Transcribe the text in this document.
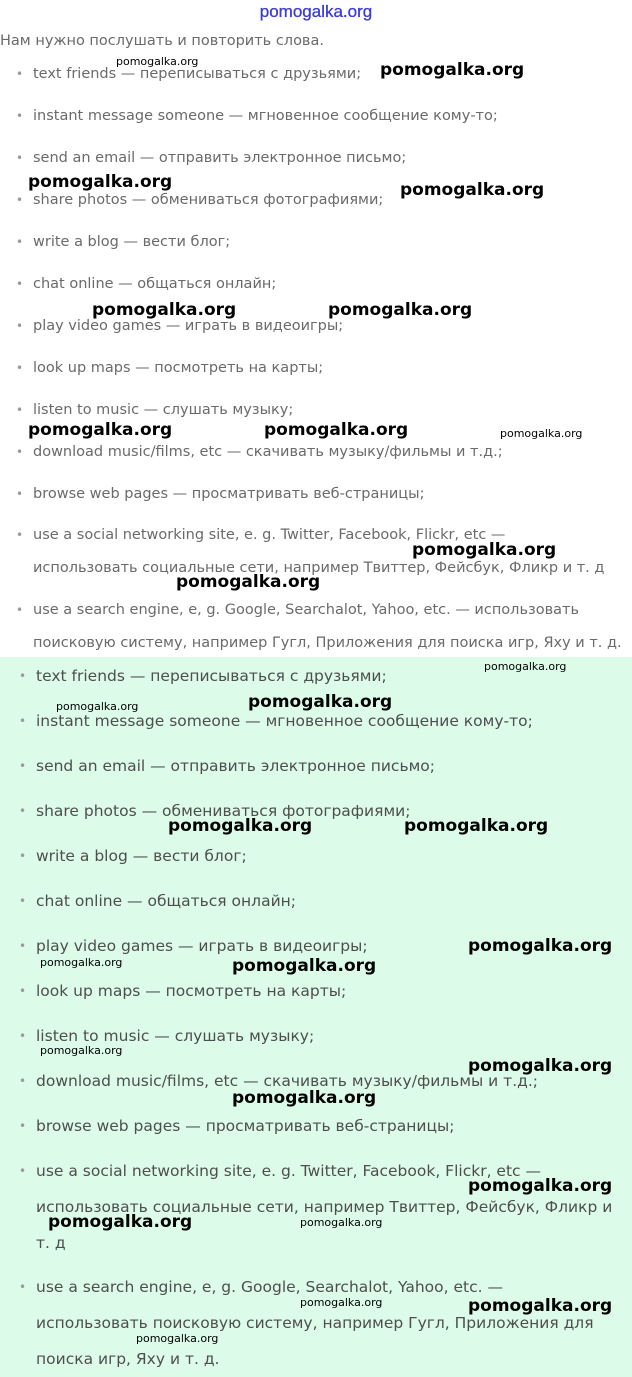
pomogalka.org
Нам нужно послушать и повторить слова.
• text friends — переписываться с друзьями;
• instant message someone — мгновенное сообщение кому-то;
• send an email — отправить электронное письмо;
• share photos — обмениваться фотографиями;
• write a blog — вести блог;
• chat online — общаться онлайн;
• play video games — играть в видеоигры;
• look up maps — посмотреть на карты;
• listen to music — слушать музыку;
• download music/films, etc — скачивать музыку/фильмы и т.д.;
• browse web pages — просматривать веб-страницы;
• use a social networking site, e. g. Twitter, Facebook, Flickr, etc —
использовать социальные сети, например Твиттер, Фейсбук, Фликр и т. д
• use a search engine, e, g. Google, Searchalot, Yahoo, etc. — использовать
поисковую систему, например Гугл, Приложения для поиска игр, Яху и т. д.
• text friends — переписываться с друзьями;
• instant message someone — мгновенное сообщение кому-то;
• send an email — отправить электронное письмо;
• share photos — обмениваться фотографиями;
• write a blog — вести блог;
• chat online — общаться онлайн;
• play video games — играть в видеоигры;
• look up maps — посмотреть на карты;
• listen to music — слушать музыку;
• download music/films, etc — скачивать музыку/фильмы и т.д.;
• browse web pages — просматривать веб-страницы;
• use a social networking site, e. g. Twitter, Facebook, Flickr, etc —
использовать социальные сети, например Твиттер, Фейсбук, Фликр и
т. д
• use a search engine, e, g. Google, Searchalot, Yahoo, etc. —
использовать поисковую систему, например Гугл, Приложения для
поиска игр, Яху и т. д.
pomogalka.org	pomogalka.org
pomogalka.org	pomogalka.org
pomogalka.org	pomogalka.org
pomogalka.org	pomogalka.org	pomogalka.org
pomogalka.org
pomogalka.org
pomogalka.org
pomogalka.org	pomogalka.org
pomogalka.org	pomogalka.org
pomogalka.org
pomogalka.org	pomogalka.org
pomogalka.org
pomogalka.org
pomogalka.org
pomogalka.org
pomogalka.org	pomogalka.org
pomogalka.org	pomogalka.org
pomogalka.org
